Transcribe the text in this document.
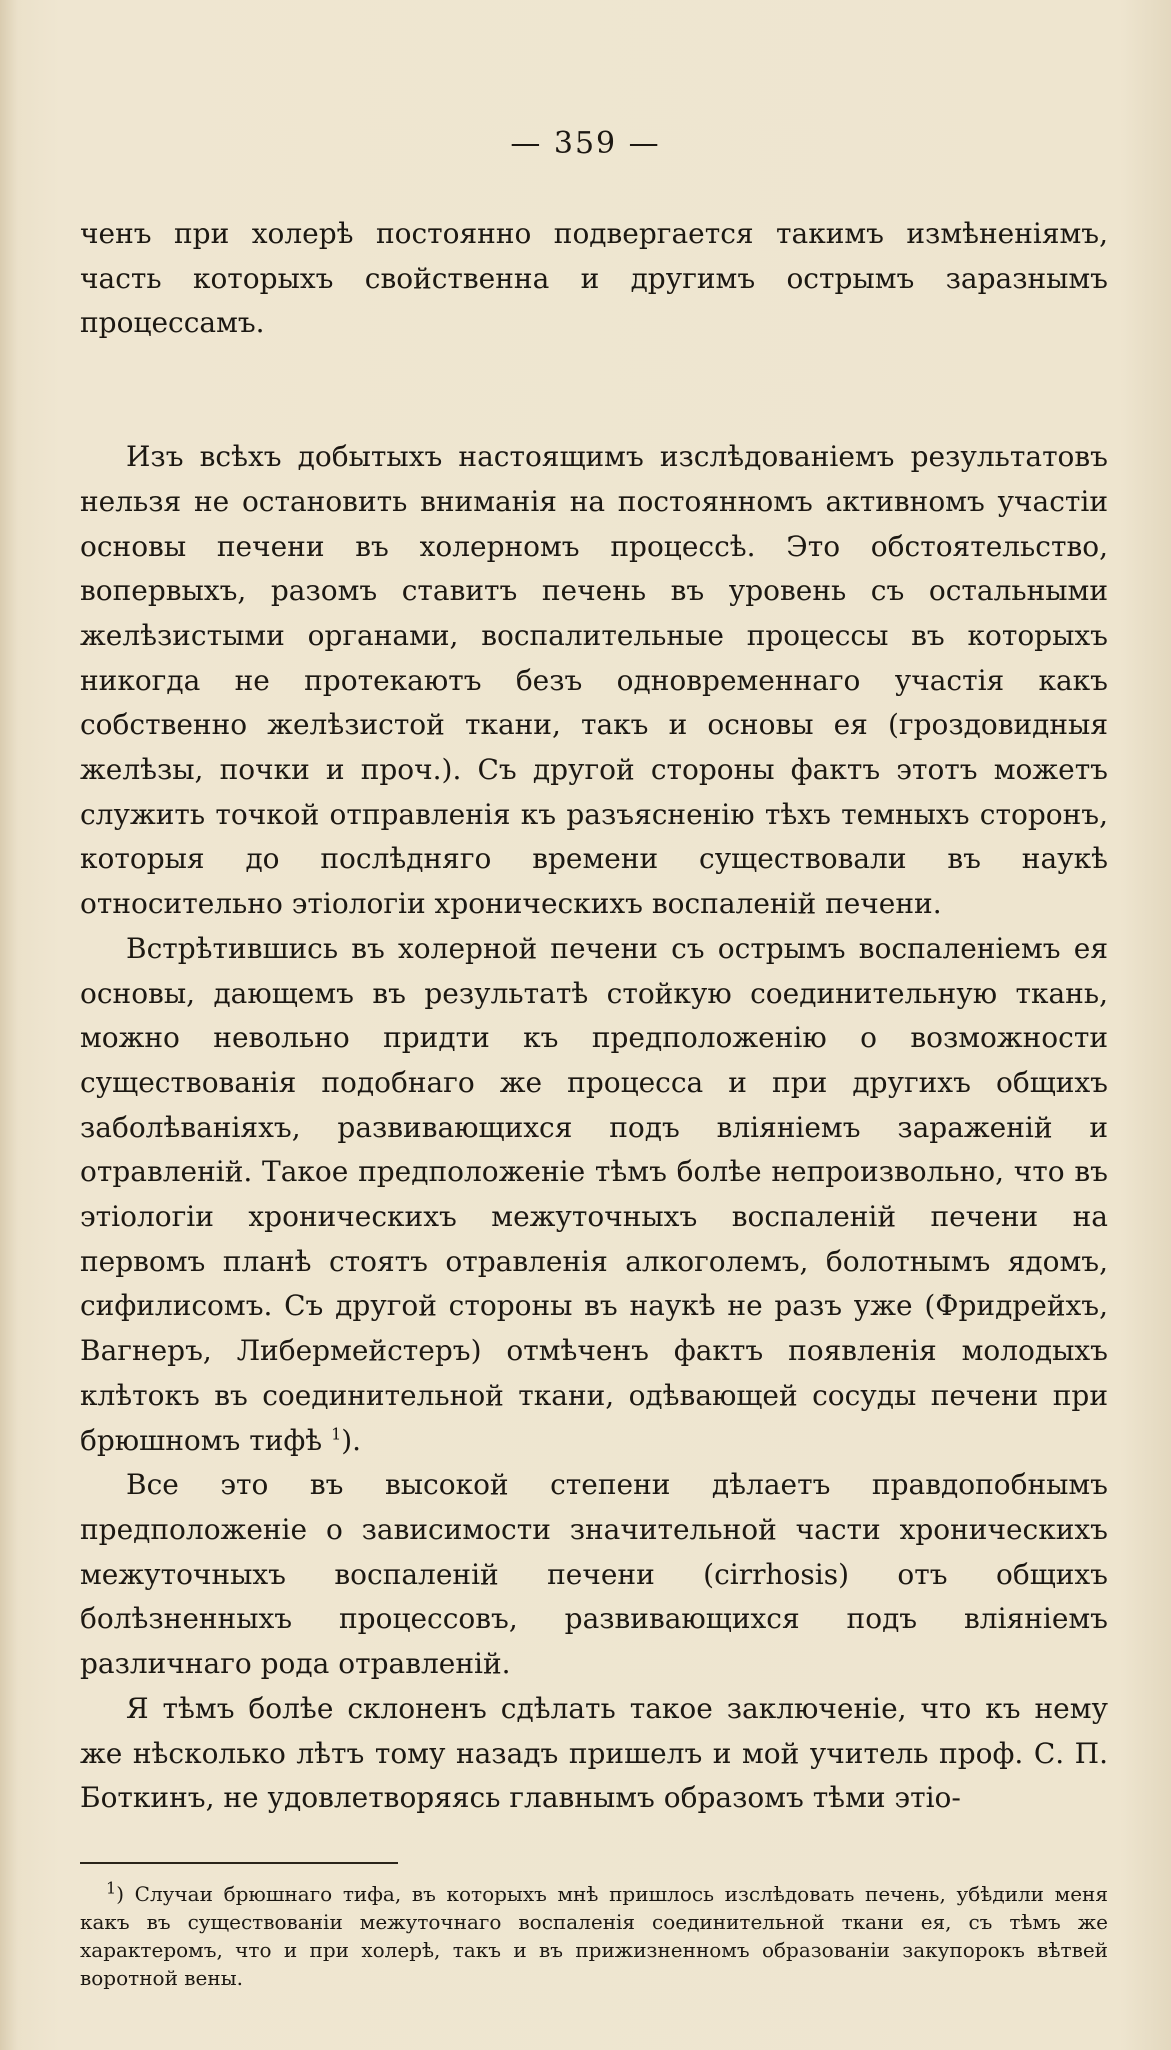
— 359 —

ченъ при холерѣ постоянно подвергается такимъ измѣненiямъ, часть которыхъ свойственна и другимъ острымъ заразнымъ процессамъ.

Изъ всѣхъ добытыхъ настоящимъ изслѣдованiемъ результатовъ нельзя не остановить вниманiя на постоянномъ активномъ участiи основы печени въ холерномъ процессѣ. Это обстоятельство, вопервыхъ, разомъ ставитъ печень въ уровень съ остальными желѣзистыми органами, воспалительные процессы въ которыхъ никогда не протекаютъ безъ одновременнаго участiя какъ собственно желѣзистой ткани, такъ и основы ея (гроздовидныя желѣзы, почки и проч.). Съ другой стороны фактъ этотъ можетъ служить точкой отправленiя къ разъясненiю тѣхъ темныхъ сторонъ, которыя до послѣдняго времени существовали въ наукѣ относительно этiологiи хроническихъ воспаленiй печени.

Встрѣтившись въ холерной печени съ острымъ воспаленiемъ ея основы, дающемъ въ результатѣ стойкую соединительную ткань, можно невольно придти къ предположенiю о возможности существованiя подобнаго же процесса и при другихъ общихъ заболѣванiяхъ, развивающихся подъ влiянiемъ зараженiй и отравленiй. Такое предположенiе тѣмъ болѣе непроизвольно, что въ этiологiи хроническихъ межуточныхъ воспаленiй печени на первомъ планѣ стоятъ отравленiя алкоголемъ, болотнымъ ядомъ, сифилисомъ. Съ другой стороны въ наукѣ не разъ уже (Фридрейхъ, Вагнеръ, Либермейстеръ) отмѣченъ фактъ появленiя молодыхъ клѣтокъ въ соединительной ткани, одѣвающей сосуды печени при брюшномъ тифѣ $^1$).

Все это въ высокой степени дѣлаетъ правдопобнымъ предположенiе о зависимости значительной части хроническихъ межуточныхъ воспаленiй печени (cirrhosis) отъ общихъ болѣзненныхъ процессовъ, развивающихся подъ влiянiемъ различнаго рода отравленiй.

Я тѣмъ болѣе склоненъ сдѣлать такое заключенiе, что къ нему же нѣсколько лѣтъ тому назадъ пришелъ и мой учитель проф. С. П. Боткинъ, не удовлетворяясь главнымъ образомъ тѣми этiо-

$^1$) Случаи брюшнаго тифа, въ которыхъ мнѣ пришлось изслѣдовать печень, убѣдили меня какъ въ существованiи межуточнаго воспаленiя соединительной ткани ея, съ тѣмъ же характеромъ, что и при холерѣ, такъ и въ прижизненномъ образованiи закупорокъ вѣтвей воротной вены.
